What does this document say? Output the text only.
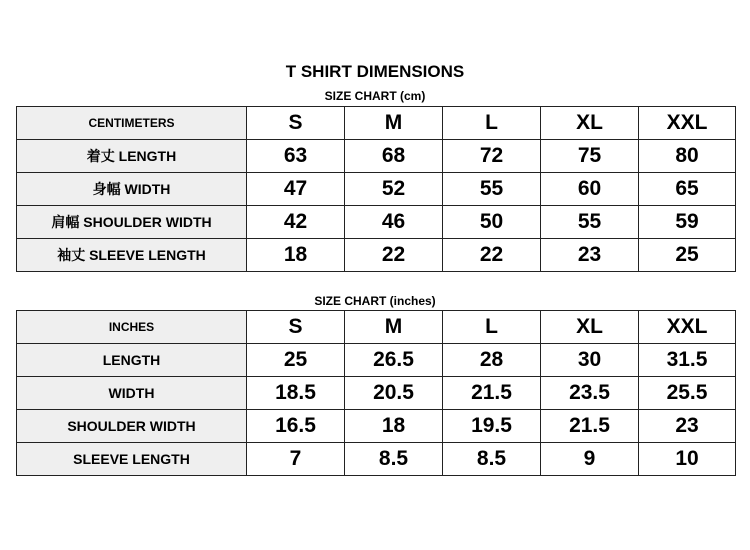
T SHIRT DIMENSIONS
SIZE CHART (cm)
CENTIMETERS	S	M	L	XL	XXL
着丈 LENGTH	63	68	72	75	80
身幅 WIDTH	47	52	55	60	65
肩幅 SHOULDER WIDTH	42	46	50	55	59
袖丈 SLEEVE LENGTH	18	22	22	23	25
SIZE CHART (inches)
INCHES	S	M	L	XL	XXL
LENGTH	25	26.5	28	30	31.5
WIDTH	18.5	20.5	21.5	23.5	25.5
SHOULDER WIDTH	16.5	18	19.5	21.5	23
SLEEVE LENGTH	7	8.5	8.5	9	10
